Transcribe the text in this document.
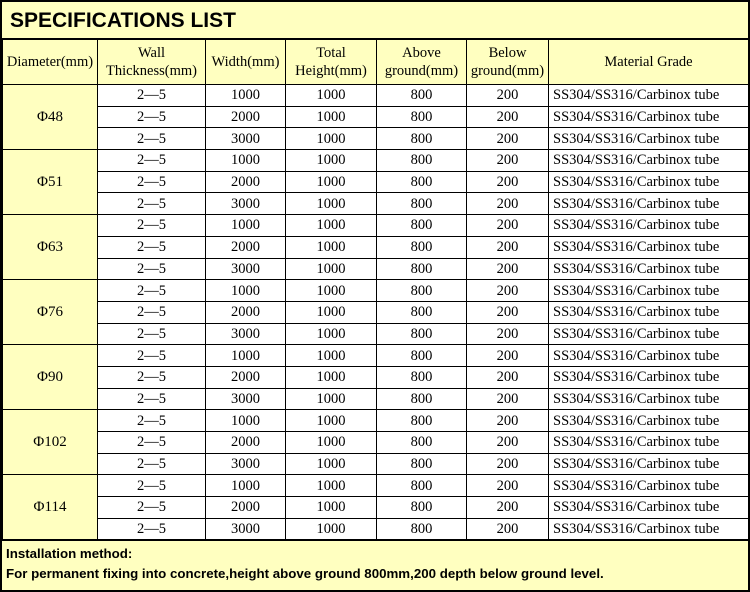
SPECIFICATIONS LIST
Diameter(mm)	Wall Thickness(mm)	Width(mm)	Total Height(mm)	Above ground(mm)	Below ground(mm)	Material Grade
Φ48	2—5	1000	1000	800	200	SS304/SS316/Carbinox tube
	2—5	2000	1000	800	200	SS304/SS316/Carbinox tube
	2—5	3000	1000	800	200	SS304/SS316/Carbinox tube
Φ51	2—5	1000	1000	800	200	SS304/SS316/Carbinox tube
	2—5	2000	1000	800	200	SS304/SS316/Carbinox tube
	2—5	3000	1000	800	200	SS304/SS316/Carbinox tube
Φ63	2—5	1000	1000	800	200	SS304/SS316/Carbinox tube
	2—5	2000	1000	800	200	SS304/SS316/Carbinox tube
	2—5	3000	1000	800	200	SS304/SS316/Carbinox tube
Φ76	2—5	1000	1000	800	200	SS304/SS316/Carbinox tube
	2—5	2000	1000	800	200	SS304/SS316/Carbinox tube
	2—5	3000	1000	800	200	SS304/SS316/Carbinox tube
Φ90	2—5	1000	1000	800	200	SS304/SS316/Carbinox tube
	2—5	2000	1000	800	200	SS304/SS316/Carbinox tube
	2—5	3000	1000	800	200	SS304/SS316/Carbinox tube
Φ102	2—5	1000	1000	800	200	SS304/SS316/Carbinox tube
	2—5	2000	1000	800	200	SS304/SS316/Carbinox tube
	2—5	3000	1000	800	200	SS304/SS316/Carbinox tube
Φ114	2—5	1000	1000	800	200	SS304/SS316/Carbinox tube
	2—5	2000	1000	800	200	SS304/SS316/Carbinox tube
	2—5	3000	1000	800	200	SS304/SS316/Carbinox tube
Installation method:
For permanent fixing into concrete,height above ground 800mm,200 depth below ground level.
